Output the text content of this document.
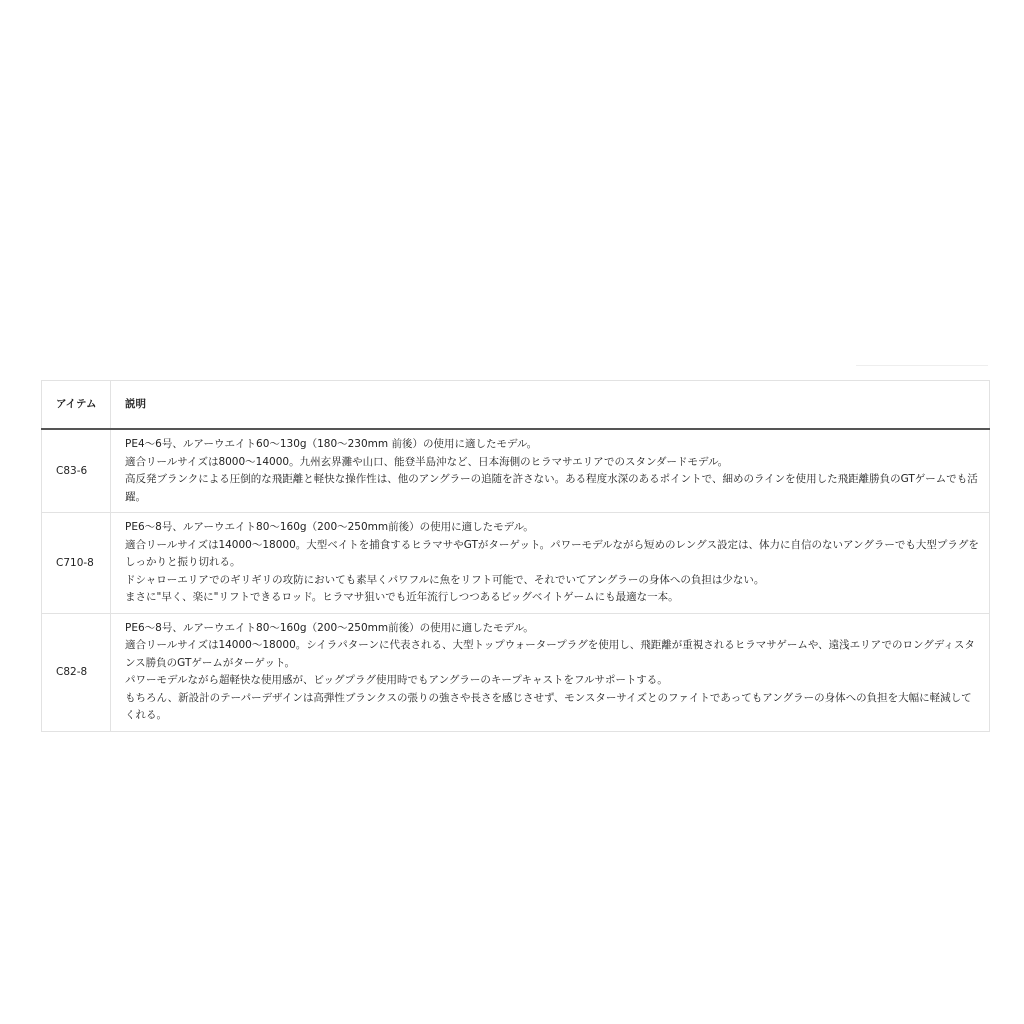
アイテム	説明
C83-6	PE4〜6号、ルアーウエイト60〜130g（180〜230mm 前後）の使用に適したモデル。
適合リールサイズは8000〜14000。九州玄界灘や山口、能登半島沖など、日本海側のヒラマサエリアでのスタンダードモデル。
高反発ブランクによる圧倒的な飛距離と軽快な操作性は、他のアングラーの追随を許さない。ある程度水深のあるポイントで、細めのラインを使用した飛距離勝負のGTゲームでも活躍。

C710-8	PE6〜8号、ルアーウエイト80〜160g（200〜250mm前後）の使用に適したモデル。
適合リールサイズは14000〜18000。大型ベイトを捕食するヒラマサやGTがターゲット。パワーモデルながら短めのレングス設定は、体力に自信のないアングラーでも大型プラグをしっかりと振り切れる。
ドシャローエリアでのギリギリの攻防においても素早くパワフルに魚をリフト可能で、それでいてアングラーの身体への負担は少ない。
まさに"早く、楽に"リフトできるロッド。ヒラマサ狙いでも近年流行しつつあるビッグベイトゲームにも最適な一本。

C82-8	PE6〜8号、ルアーウエイト80〜160g（200〜250mm前後）の使用に適したモデル。
適合リールサイズは14000〜18000。シイラパターンに代表される、大型トップウォータープラグを使用し、飛距離が重視されるヒラマサゲームや、遠浅エリアでのロングディスタンス勝負のGTゲームがターゲット。
パワーモデルながら超軽快な使用感が、ビッグプラグ使用時でもアングラーのキープキャストをフルサポートする。
もちろん、新設計のテーパーデザインは高弾性ブランクスの張りの強さや長さを感じさせず、モンスターサイズとのファイトであってもアングラーの身体への負担を大幅に軽減してくれる。
